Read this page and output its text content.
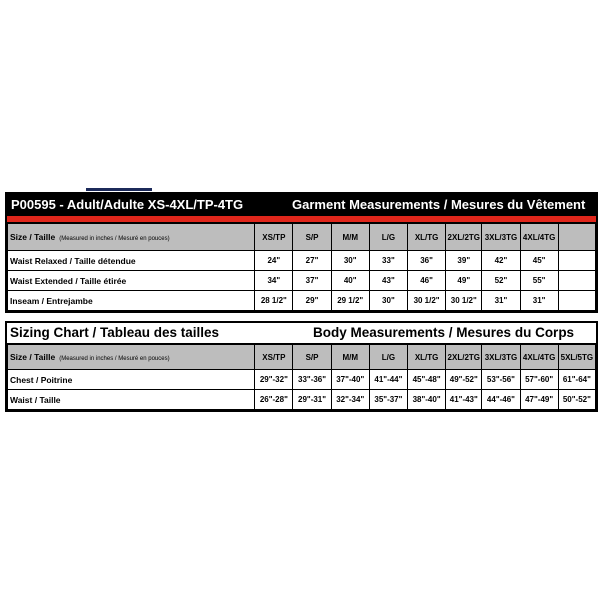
P00595 - Adult/Adulte XS-4XL/TP-4TG	Garment Measurements / Mesures du Vêtement
Size / Taille (Measured in inches / Mesuré en pouces)	XS/TP	S/P	M/M	L/G	XL/TG	2XL/2TG	3XL/3TG	4XL/4TG	
Waist Relaxed / Taille détendue	24"	27"	30"	33"	36"	39"	42"	45"	
Waist Extended / Taille étirée	34"	37"	40"	43"	46"	49"	52"	55"	
Inseam / Entrejambe	28 1/2"	29"	29 1/2"	30"	30 1/2"	30 1/2"	31"	31"	
Sizing Chart / Tableau des tailles	Body Measurements / Mesures du Corps
Size / Taille (Measured in inches / Mesuré en pouces)	XS/TP	S/P	M/M	L/G	XL/TG	2XL/2TG	3XL/3TG	4XL/4TG	5XL/5TG
Chest / Poitrine	29"-32"	33"-36"	37"-40"	41"-44"	45"-48"	49"-52"	53"-56"	57"-60"	61"-64"
Waist / Taille	26"-28"	29"-31"	32"-34"	35"-37"	38"-40"	41"-43"	44"-46"	47"-49"	50"-52"
